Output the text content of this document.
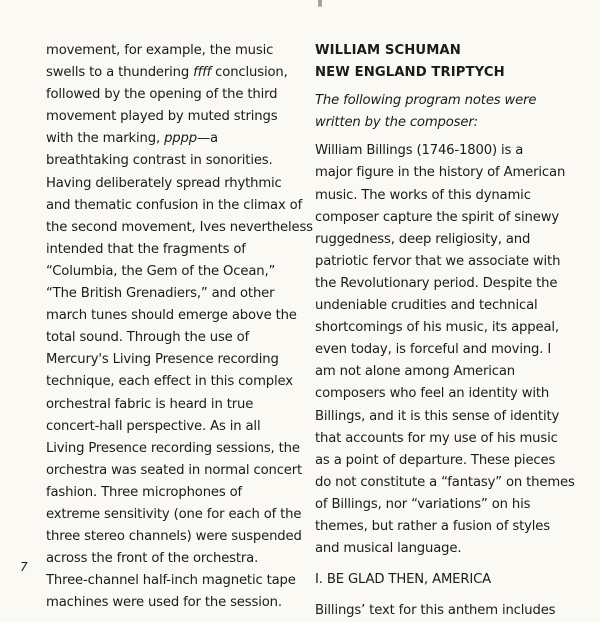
movement, for example, the music
swells to a thundering ffff conclusion,
followed by the opening of the third
movement played by muted strings
with the marking, pppp—a
breathtaking contrast in sonorities.
Having deliberately spread rhythmic
and thematic confusion in the climax of
the second movement, Ives nevertheless
intended that the fragments of
“Columbia, the Gem of the Ocean,”
“The British Grenadiers,” and other
march tunes should emerge above the
total sound. Through the use of
Mercury's Living Presence recording
technique, each effect in this complex
orchestral fabric is heard in true
concert-hall perspective. As in all
Living Presence recording sessions, the
orchestra was seated in normal concert
fashion. Three microphones of
extreme sensitivity (one for each of the
three stereo channels) were suspended
across the front of the orchestra.
Three-channel half-inch magnetic tape
machines were used for the session.
WILLIAM SCHUMAN
NEW ENGLAND TRIPTYCH
The following program notes were
written by the composer:
William Billings (1746-1800) is a
major figure in the history of American
music. The works of this dynamic
composer capture the spirit of sinewy
ruggedness, deep religiosity, and
patriotic fervor that we associate with
the Revolutionary period. Despite the
undeniable crudities and technical
shortcomings of his music, its appeal,
even today, is forceful and moving. I
am not alone among American
composers who feel an identity with
Billings, and it is this sense of identity
that accounts for my use of his music
as a point of departure. These pieces
do not constitute a “fantasy” on themes
of Billings, nor “variations” on his
themes, but rather a fusion of styles
and musical language.
I. BE GLAD THEN, AMERICA
Billings’ text for this anthem includes
7
